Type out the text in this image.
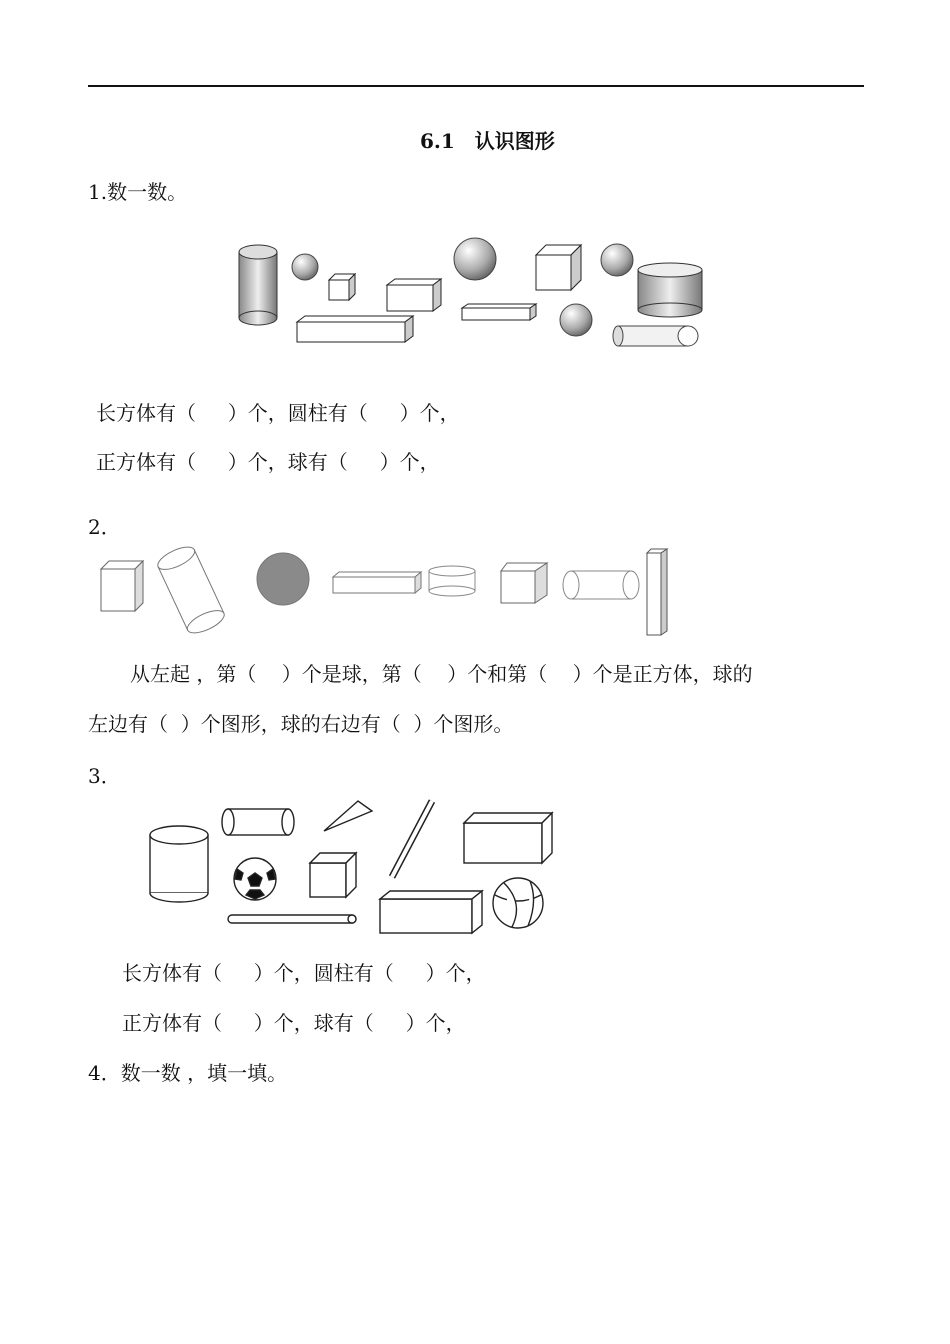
6.1　认识图形
1.数一数。
长方体有（     ）个，圆柱有（     ）个，
正方体有（     ）个，球有（     ）个，
2．
从左起 ，第（    ）个是球，第（    ）个和第（    ）个是正方体，球的
左边有（  ）个图形，球的右边有（  ）个图形。
3．
长方体有（     ）个，圆柱有（     ）个，
正方体有（     ）个，球有（     ）个，
4．数一数 ，填一填。
